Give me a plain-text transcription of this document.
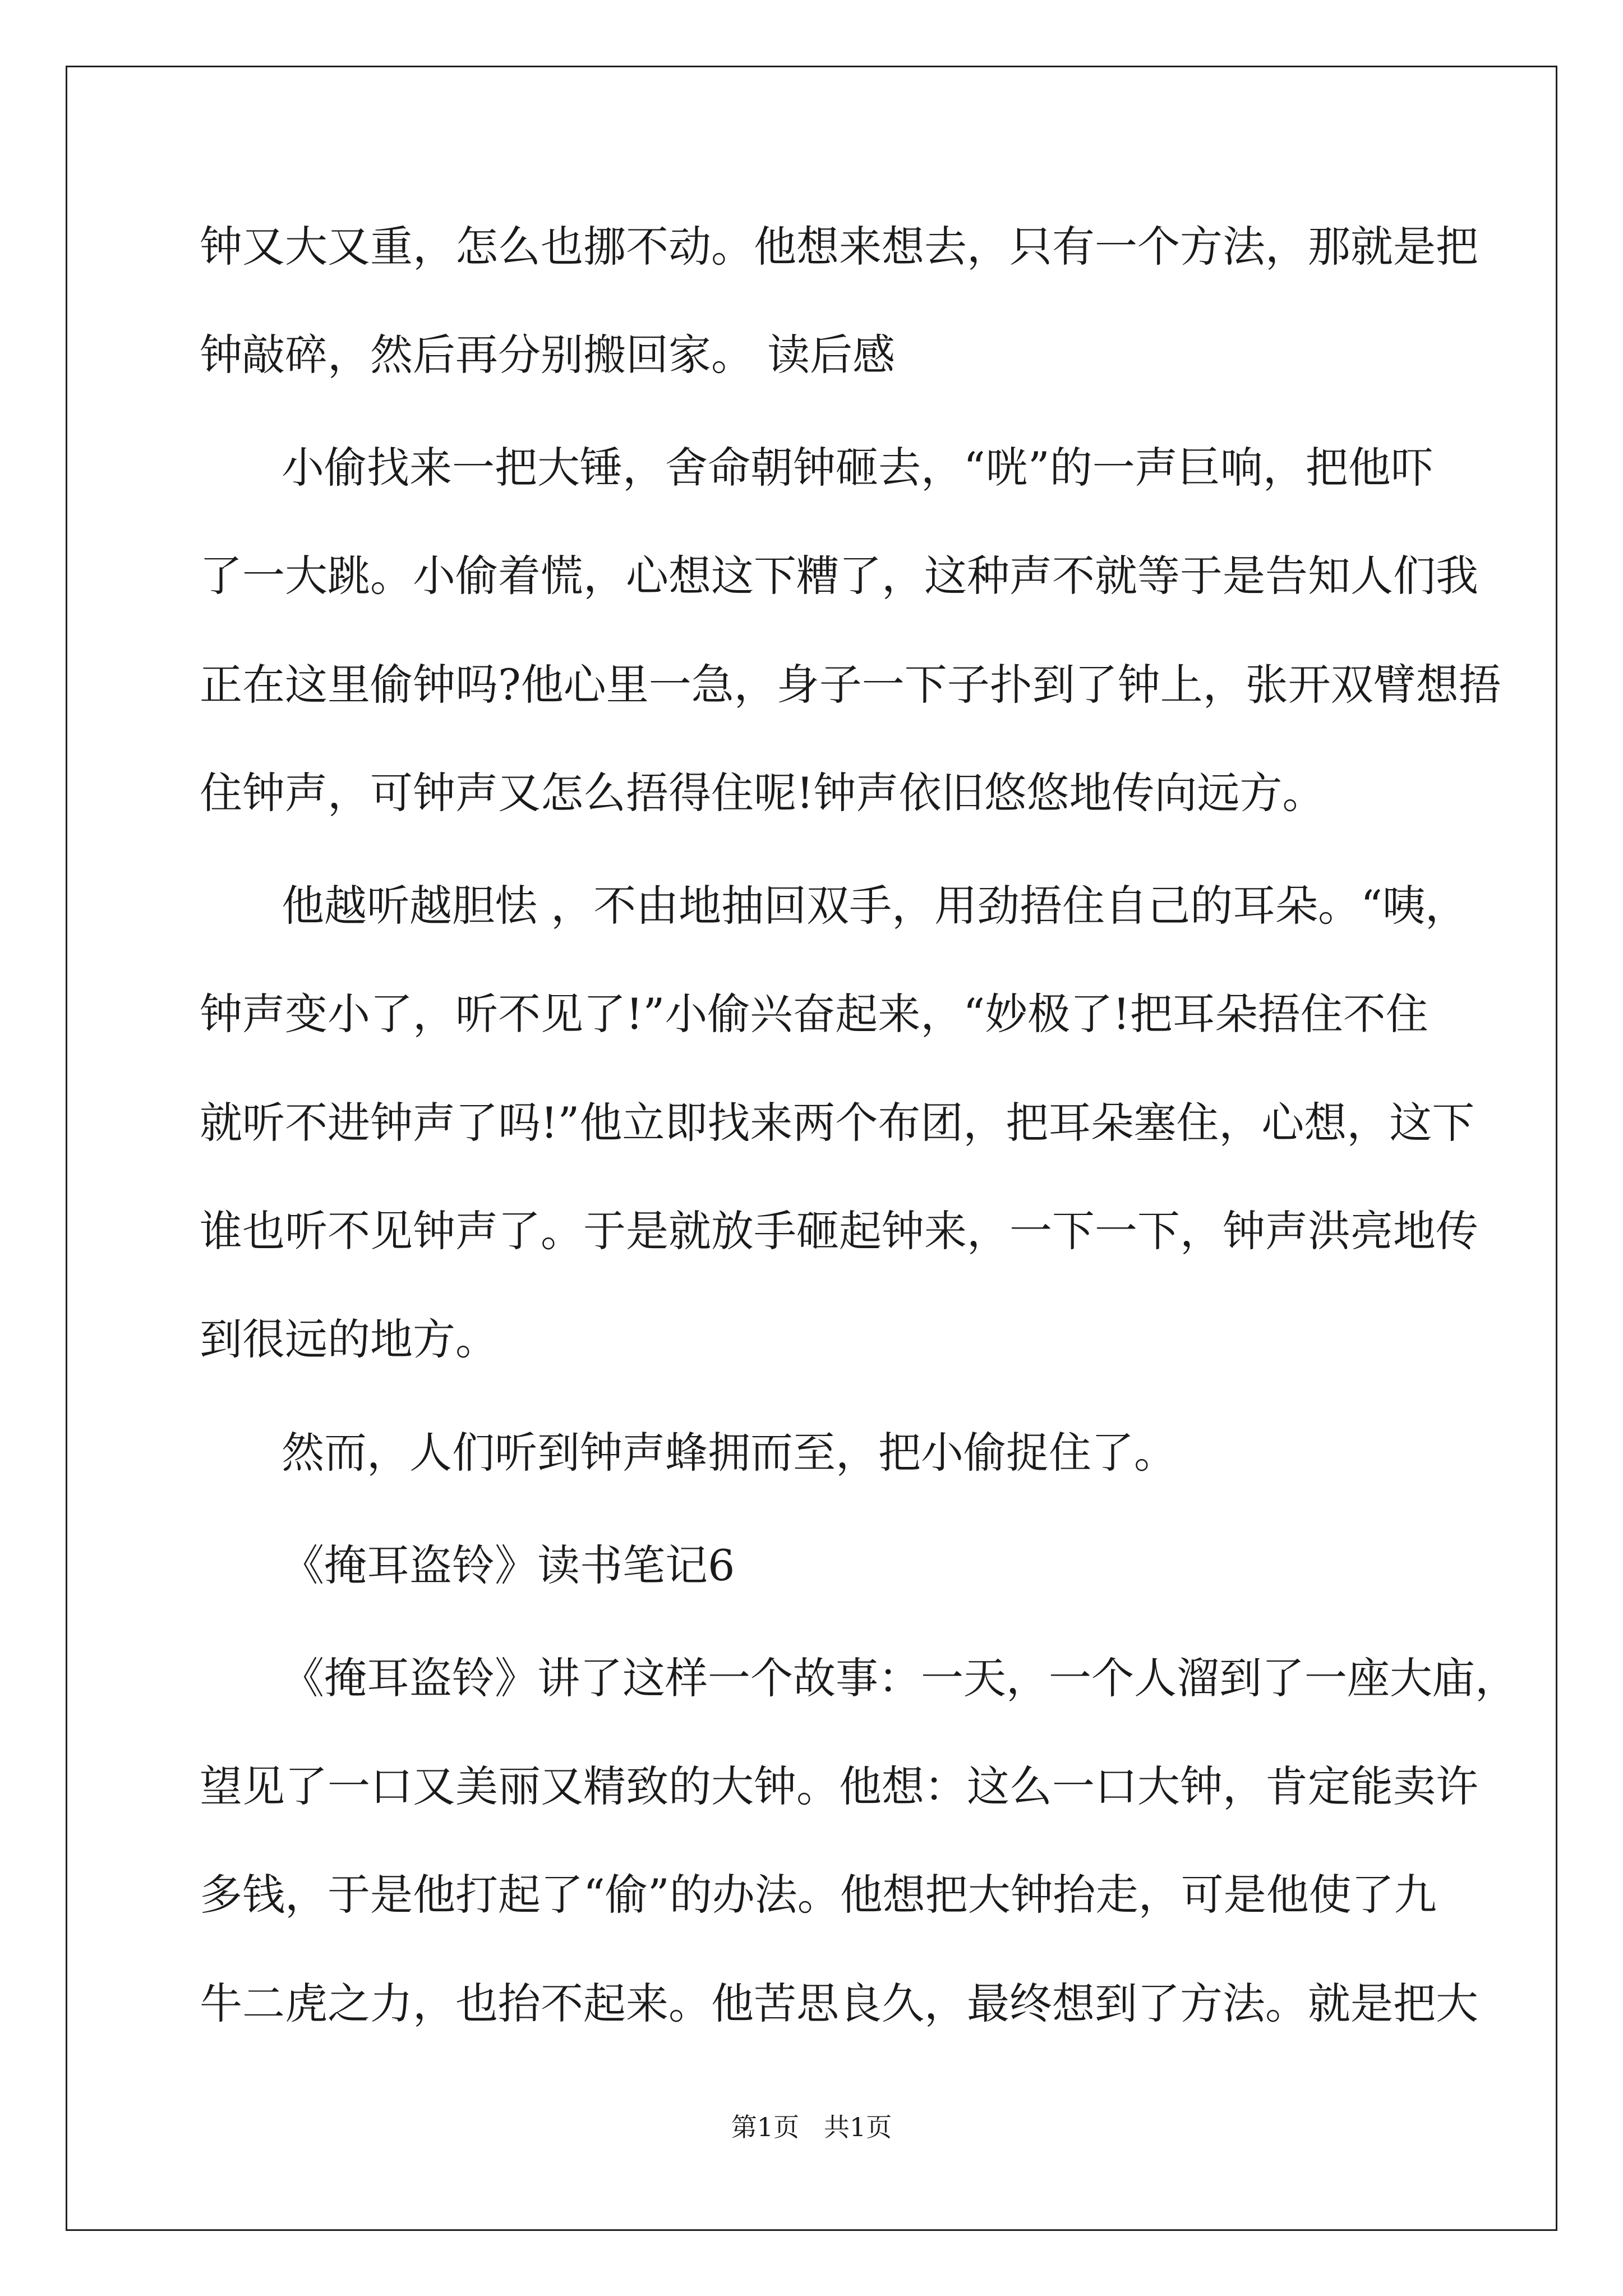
钟又大又重，怎么也挪不动。他想来想去，只有一个方法，那就是把
钟敲碎，然后再分别搬回家。 读后感
小偷找来一把大锤，舍命朝钟砸去，“咣”的一声巨响，把他吓
了一大跳。小偷着慌，心想这下糟了，这种声不就等于是告知人们我
正在这里偷钟吗?他心里一急，身子一下子扑到了钟上，张开双臂想捂
住钟声，可钟声又怎么捂得住呢!钟声依旧悠悠地传向远方。
他越听越胆怯 ，不由地抽回双手，用劲捂住自己的耳朵。“咦，
钟声变小了，听不见了!”小偷兴奋起来，“妙极了!把耳朵捂住不住
就听不进钟声了吗!”他立即找来两个布团，把耳朵塞住，心想，这下
谁也听不见钟声了。于是就放手砸起钟来，一下一下，钟声洪亮地传
到很远的地方。
然而，人们听到钟声蜂拥而至，把小偷捉住了。
《掩耳盗铃》读书笔记6
《掩耳盗铃》讲了这样一个故事：一天，一个人溜到了一座大庙，
望见了一口又美丽又精致的大钟。他想：这么一口大钟，肯定能卖许
多钱，于是他打起了“偷”的办法。他想把大钟抬走，可是他使了九
牛二虎之力，也抬不起来。他苦思良久，最终想到了方法。就是把大
第1页   共1页
